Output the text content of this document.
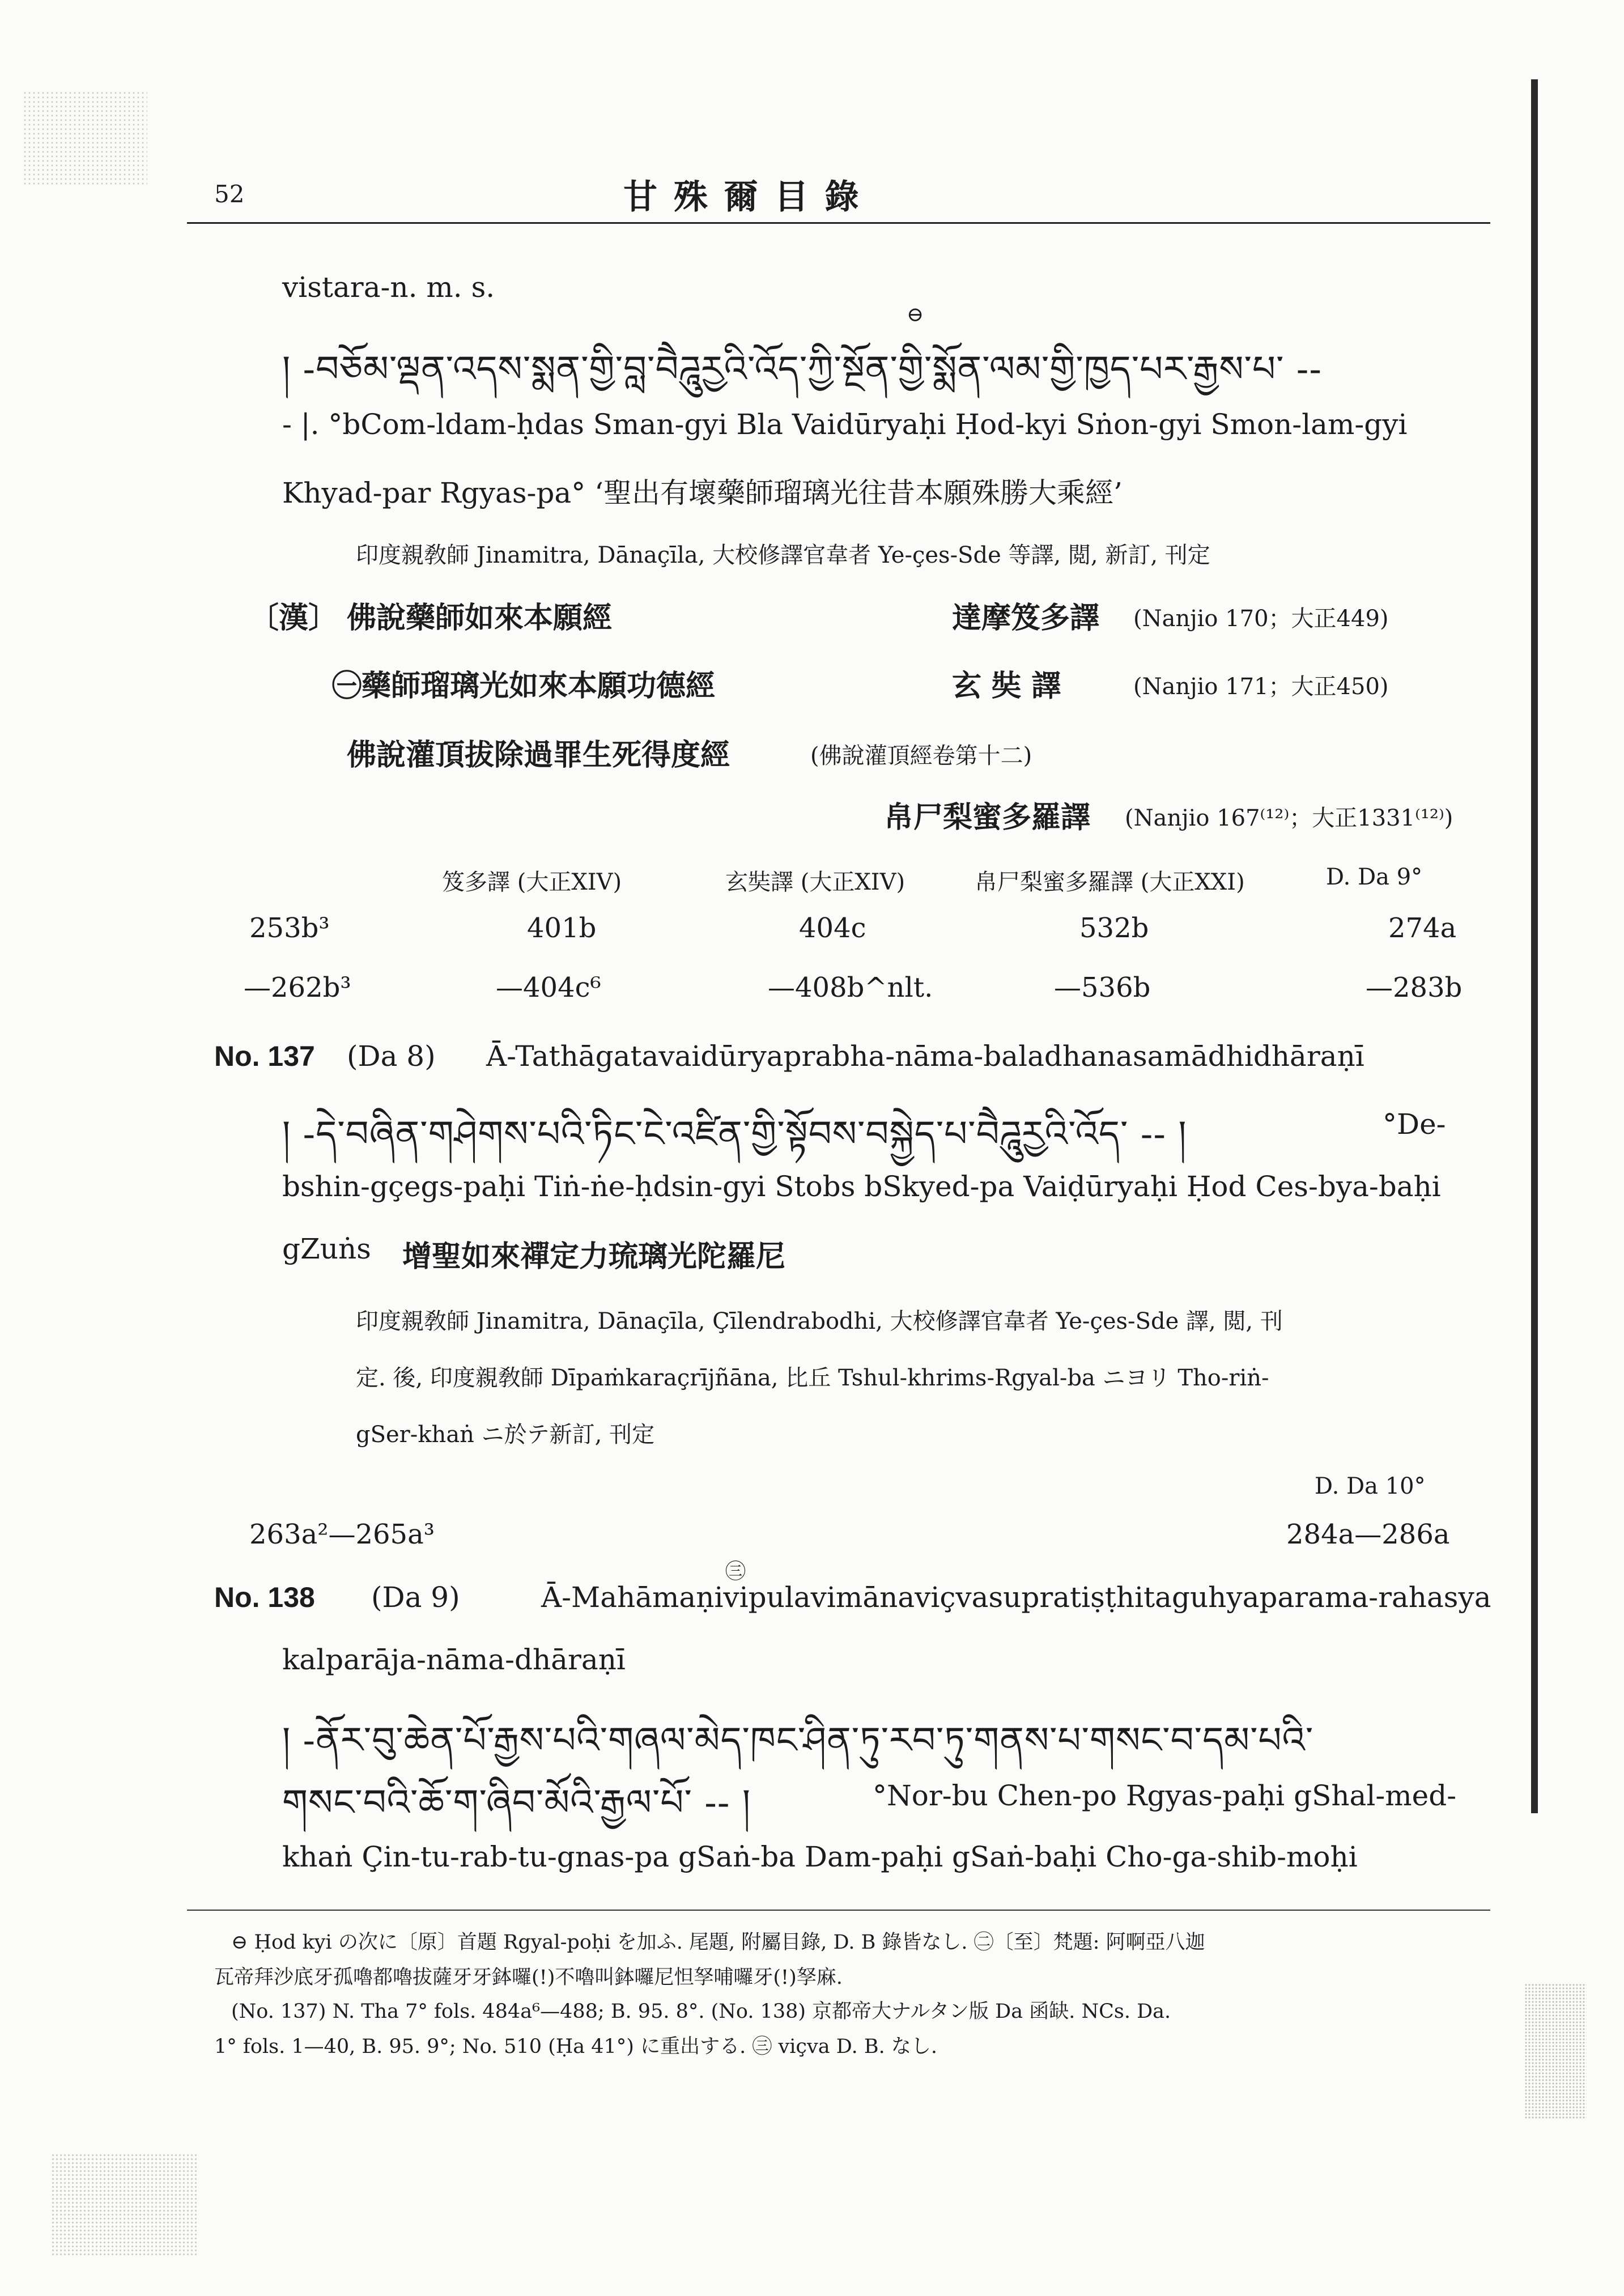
52	甘 殊 爾 目 錄
vistara-n. m. s.
⊖
། -བཅོམ་ལྡན་འདས་སྨན་གྱི་བླ་བཻཌཱུརྱའི་འོད་ཀྱི་སྔོན་གྱི་སྨོན་ལམ་གྱི་ཁྱད་པར་རྒྱས་པ་ --
- |. °bCom-ldam-ḥdas Sman-gyi Bla Vaidūryaḥi Ḥod-kyi Sṅon-gyi Smon-lam-gyi
Khyad-par Rgyas-pa° ‘聖出有壞藥師瑠璃光往昔本願殊勝大乘經’
印度親敎師 Jinamitra, Dānaçīla, 大校修譯官韋者 Ye-çes-Sde 等譯, 閲, 新訂, 刊定
〔漢〕 佛說藥師如來本願經	達摩笈多譯 (Nanjio 170；大正449)
㊀藥師瑠璃光如來本願功德經	玄 奘 譯	(Nanjio 171；大正450)
佛說灌頂拔除過罪生死得度經	(佛說灌頂經卷第十二)
帛尸梨蜜多羅譯 (Nanjio 167⁽¹²⁾；大正1331⁽¹²⁾)
笈多譯 (大正XIV)	玄奘譯 (大正XIV)	帛尸梨蜜多羅譯 (大正XXI)	D. Da 9°
253b³	401b	404c	532b	274a
—262b³	—404c⁶	—408b^nlt.	—536b	—283b
No. 137 (Da 8) Ā-Tathāgatavaidūryaprabha-nāma-baladhanasamādhidhāraṇī
། -དེ་བཞིན་གཤེགས་པའི་ཏིང་ངེ་འཛིན་གྱི་སྟོབས་བསྐྱེད་པ་བཻཌཱུརྱའི་འོད་ -- །	°De-
bshin-gçegs-paḥi Tiṅ-ṅe-ḥdsin-gyi Stobs bSkyed-pa Vaiḍūryaḥi Ḥod Ces-bya-baḥi
gZuṅs 增聖如來禪定力琉璃光陀羅尼
印度親敎師 Jinamitra, Dānaçīla, Çīlendrabodhi, 大校修譯官韋者 Ye-çes-Sde 譯, 閲, 刊
定. 後, 印度親敎師 Dīpaṁkaraçrījñāna, 比丘 Tshul-khrims-Rgyal-ba ニヨリ Tho-riṅ-
gSer-khaṅ ニ於テ新訂, 刊定
D. Da 10°
263a²—265a³	284a—286a
㊂
No. 138 (Da 9)	Ā-Mahāmaṇivipulavimānaviçvasupratiṣṭhitaguhyaparama-rahasya
kalparāja-nāma-dhāraṇī
། -ནོར་བུ་ཆེན་པོ་རྒྱས་པའི་གཞལ་མེད་ཁང་ཤིན་ཏུ་རབ་ཏུ་གནས་པ་གསང་བ་དམ་པའི་
གསང་བའི་ཆོ་ག་ཞིབ་མོའི་རྒྱལ་པོ་ -- །	°Nor-bu Chen-po Rgyas-paḥi gShal-med-
khaṅ Çin-tu-rab-tu-gnas-pa gSaṅ-ba Dam-paḥi gSaṅ-baḥi Cho-ga-shib-moḥi
⊖ Ḥod kyi の次に〔原〕首題 Rgyal-poḥi を加ふ. 尾題, 附屬目錄, D. B 錄皆なし. ㊁〔至〕梵題: 阿啊亞八迦
瓦帝拜沙底牙孤嚕都嚕拔薩牙牙鉢囉(!)不嚕叫鉢囉尼怛孥哺囉牙(!)孥麻.
(No. 137) N. Tha 7° fols. 484a⁶—488; B. 95. 8°. (No. 138) 京都帝大ナルタン版 Da 函缺. NCs. Da.
1° fols. 1—40, B. 95. 9°; No. 510 (Ḥa 41°) に重出する. ㊂ viçva D. B. なし.
